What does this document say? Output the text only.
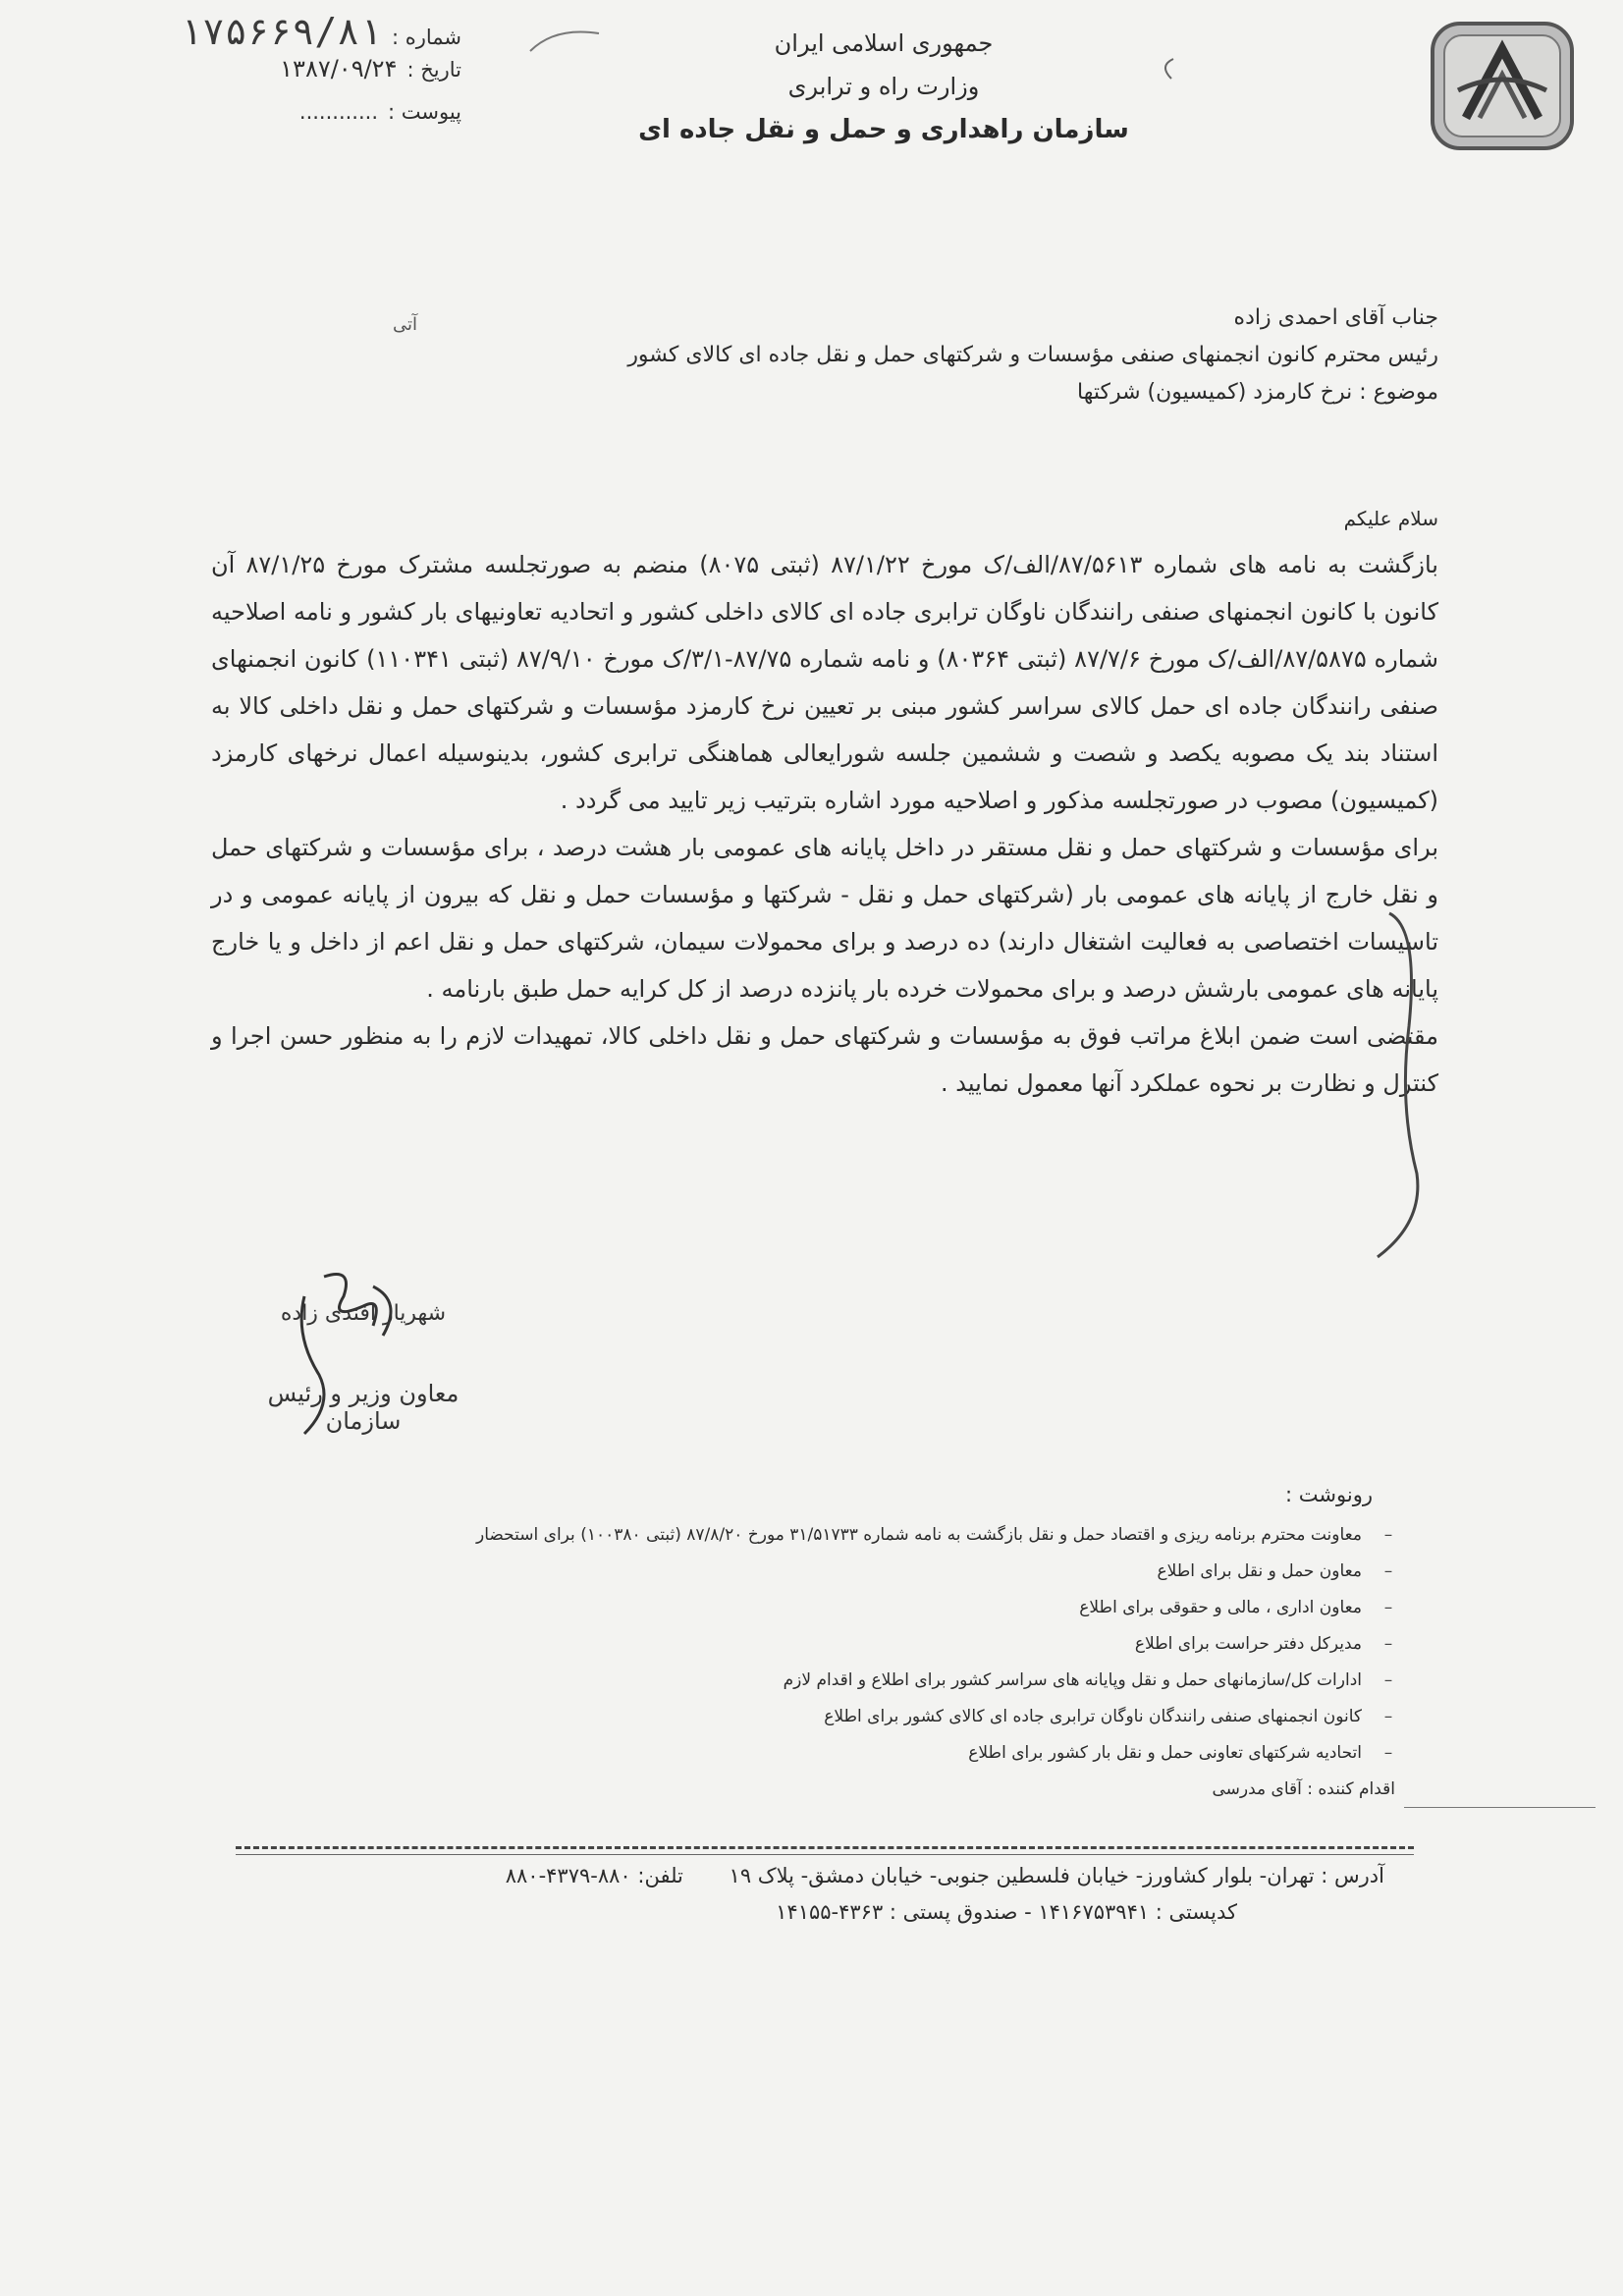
شماره :
۱۷۵۶۶۹/۸۱
تاریخ :
۱۳۸۷/۰۹/۲۴
پیوست :
............
جمهوری اسلامی ایران
وزارت راه و ترابری
سازمان راهداری و حمل و نقل جاده ای
جناب آقای احمدی زاده
رئیس محترم کانون انجمنهای صنفی مؤسسات و شرکتهای حمل و نقل جاده ای کالای کشور
موضوع : نرخ کارمزد (کمیسیون) شرکتها
آتی

سلام علیکم

بازگشت به نامه های شماره ۸۷/۵۶۱۳/الف/ک مورخ ۸۷/۱/۲۲ (ثبتی ۸۰۷۵) منضم به صورتجلسه مشترک مورخ ۸۷/۱/۲۵ آن کانون با کانون انجمنهای صنفی رانندگان ناوگان ترابری جاده ای کالای داخلی کشور و اتحادیه تعاونیهای بار کشور و نامه اصلاحیه شماره ۸۷/۵۸۷۵/الف/ک مورخ ۸۷/۷/۶ (ثبتی ۸۰۳۶۴) و نامه شماره ۸۷/۷۵-۳/۱/ک مورخ ۸۷/۹/۱۰ (ثبتی ۱۱۰۳۴۱) کانون انجمنهای صنفی رانندگان جاده ای حمل کالای سراسر کشور مبنی بر تعیین نرخ کارمزد مؤسسات و شرکتهای حمل و نقل داخلی کالا به استناد بند یک مصوبه یکصد و شصت و ششمین جلسه شورایعالی هماهنگی ترابری کشور، بدینوسیله اعمال نرخهای کارمزد (کمیسیون) مصوب در صورتجلسه مذکور و اصلاحیه مورد اشاره بترتیب زیر تایید می گردد .

برای مؤسسات و شرکتهای حمل و نقل مستقر در داخل پایانه های عمومی بار هشت درصد ، برای مؤسسات و شرکتهای حمل و نقل خارج از پایانه های عمومی بار (شرکتهای حمل و نقل - شرکتها و مؤسسات حمل و نقل که بیرون از پایانه عمومی و در تاسیسات اختصاصی به فعالیت اشتغال دارند) ده درصد و برای محمولات سیمان، شرکتهای حمل و نقل اعم از داخل و یا خارج پایانه های عمومی بارشش درصد و برای محمولات خرده بار پانزده درصد از کل کرایه حمل طبق بارنامه .

مقتضی است ضمن ابلاغ مراتب فوق به مؤسسات و شرکتهای حمل و نقل داخلی کالا، تمهیدات لازم را به منظور حسن اجرا و کنترل و نظارت بر نحوه عملکرد آنها معمول نمایید .

شهریار افندی زاده
معاون وزیر و رئیس سازمان
رونوشت :
–
معاونت محترم برنامه ریزی و اقتصاد حمل و نقل بازگشت به نامه شماره ۳۱/۵۱۷۳۳ مورخ ۸۷/۸/۲۰ (ثبتی ۱۰۰۳۸۰) برای استحضار
–
معاون حمل و نقل برای اطلاع
–
معاون اداری ، مالی و حقوقی برای اطلاع
–
مدیرکل دفتر حراست برای اطلاع
–
ادارات کل/سازمانهای حمل و نقل وپایانه های سراسر کشور برای اطلاع و اقدام لازم
–
کانون انجمنهای صنفی رانندگان ناوگان ترابری جاده ای کالای کشور برای اطلاع
–
اتحادیه شرکتهای تعاونی حمل و نقل بار کشور برای اطلاع
اقدام کننده : آقای مدرسی
آدرس : تهران- بلوار کشاورز- خیابان فلسطین جنوبی- خیابان دمشق- پلاک ۱۹ تلفن: ۸۸۰-۴۳۷۹-۸۸۰
کدپستی : ۱۴۱۶۷۵۳۹۴۱ - صندوق پستی : ۴۳۶۳-۱۴۱۵۵
